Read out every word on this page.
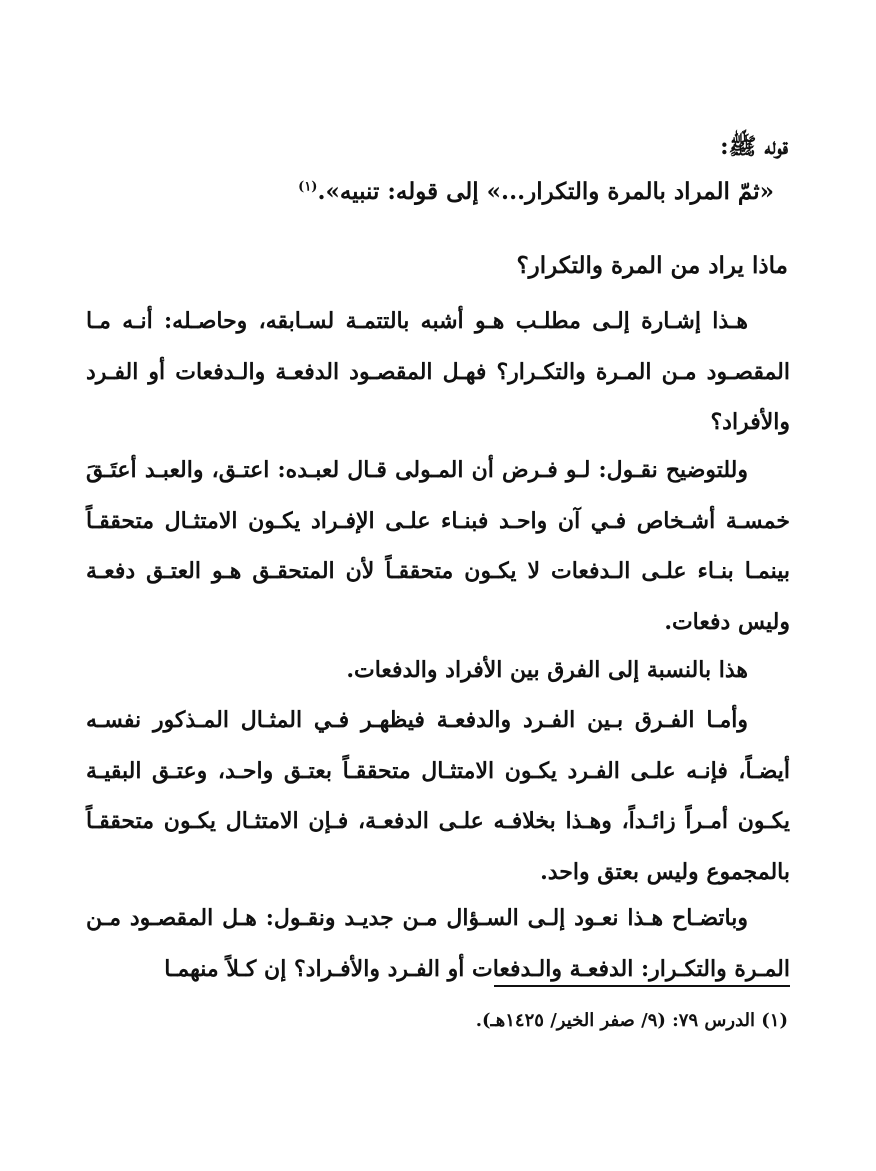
قوله ﷺ:
«ثمّ المراد بالمرة والتكرار...» إلى قوله: تنبيه».$^{(١)}$
ماذا يراد من المرة والتكرار؟

هـذا إشـارة إلـى مطلـب هـو أشبه بالتتمـة لسـابقه، وحاصـله: أنـه مـا المقصـود مـن المـرة والتكـرار؟ فهـل المقصـود الدفعـة والـدفعات أو الفـرد والأفراد؟

وللتوضيح نقـول: لـو فـرض أن المـولى قـال لعبـده: اعتـق، والعبـد أعتَـقَ خمسـة أشـخاص فـي آن واحـد فبنـاء علـى الإفـراد يكـون الامتثـال متحققـاً بينمـا بنـاء علـى الـدفعات لا يكـون متحققـاً لأن المتحقـق هـو العتـق دفعـة وليس دفعات.

هذا بالنسبة إلى الفرق بين الأفراد والدفعات.

وأمـا الفـرق بـين الفـرد والدفعـة فيظهـر فـي المثـال المـذكور نفسـه أيضـاً، فإنـه علـى الفـرد يكـون الامتثـال متحققـاً بعتـق واحـد، وعتـق البقيـة يكـون أمـراً زائـداً، وهـذا بخلافـه علـى الدفعـة، فـإن الامتثـال يكـون متحققـاً بالمجموع وليس بعتق واحد.

وباتضـاح هـذا نعـود إلـى السـؤال مـن جديـد ونقـول: هـل المقصـود مـن المـرة والتكـرار: الدفعـة والـدفعات أو الفـرد والأفـراد؟ إن كـلاً منهمـا

(١) الدرس ٧٩: (٩/ صفر الخير/ ١٤٢٥هـ).
